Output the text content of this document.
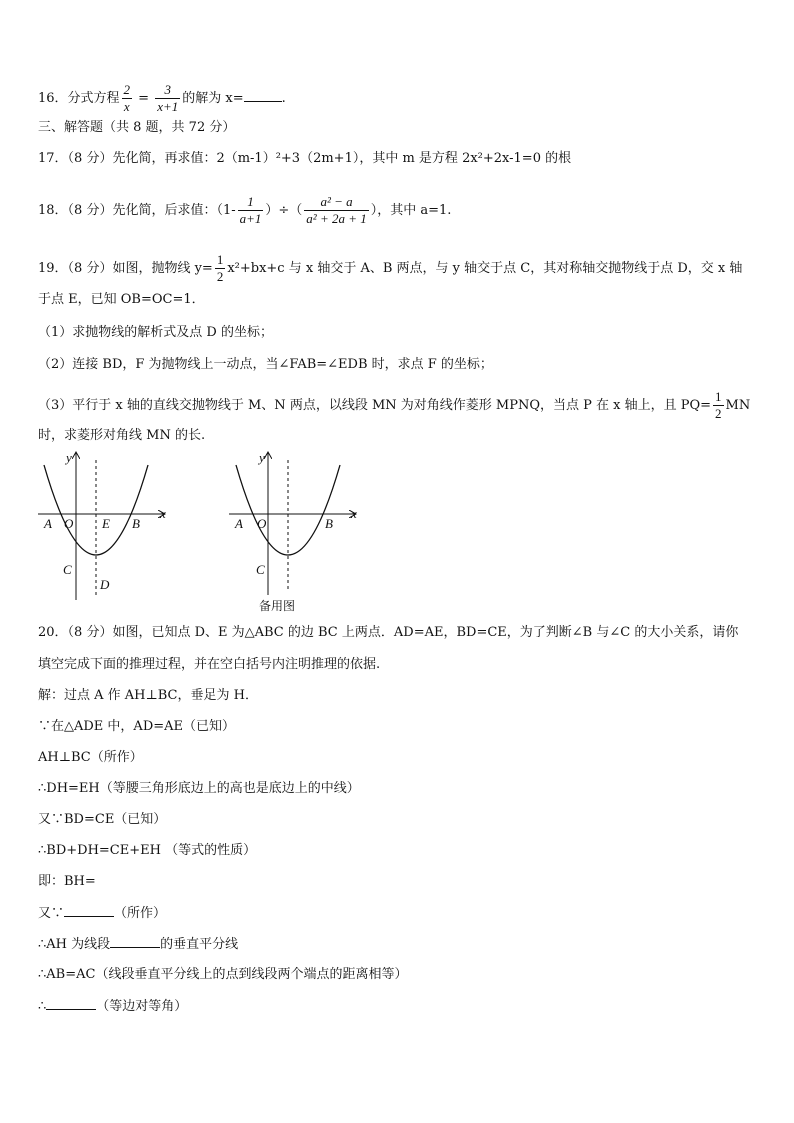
16．分式方程 $\frac{2}{x} = \frac{3}{x+1}$ 的解为 x=	.
三、解答题（共 8 题，共 72 分）
17．（8 分）先化简，再求值：2（m-1）²+3（2m+1），其中 m 是方程 2x²+2x-1=0 的根
18．（8 分）先化简，后求值：（$1- \frac{1}{a+1}$ ）÷（ $\frac{\text{a² − a}}{\text{a² + 2a + 1}}$ ），其中 a=1.
19．（8 分）如图，抛物线 $y= \frac{1}{2} x^2+bx+c$ 与 x 轴交于 A、B 两点，与 y 轴交于点 C，其对称轴交抛物线于点 D，交 x 轴
于点 E，已知 OB=OC=1．
（1）求抛物线的解析式及点 D 的坐标；
（2）连接 BD，F 为抛物线上一动点，当∠FAB=∠EDB 时，求点 F 的坐标；
（3）平行于 x 轴的直线交抛物线于 M、N 两点，以线段 MN 为对角线作菱形 MPNQ，当点 P 在 x 轴上，且 $PQ= \frac{1}{2}$ MN
时，求菱形对角线 MN 的长.
y
x
A O E B
C
D
y
x
A O	B
C
备用图
20．（8 分）如图，已知点 D、E 为△ABC 的边 BC 上两点．AD=AE，BD=CE，为了判断∠B 与∠C 的大小关系，请你
填空完成下面的推理过程，并在空白括号内注明推理的依据.
解：过点 A 作 AH⊥BC，垂足为 H．
∵在△ADE 中，AD=AE（已知）
AH⊥BC（所作）
∴DH=EH（等腰三角形底边上的高也是底边上的中线）
又∵BD=CE（已知）
∴BD+DH=CE+EH （等式的性质）
即：BH=
又∵	（所作）
∴AH 为线段	的垂直平分线
∴AB=AC（线段垂直平分线上的点到线段两个端点的距离相等）
∴	（等边对等角）
